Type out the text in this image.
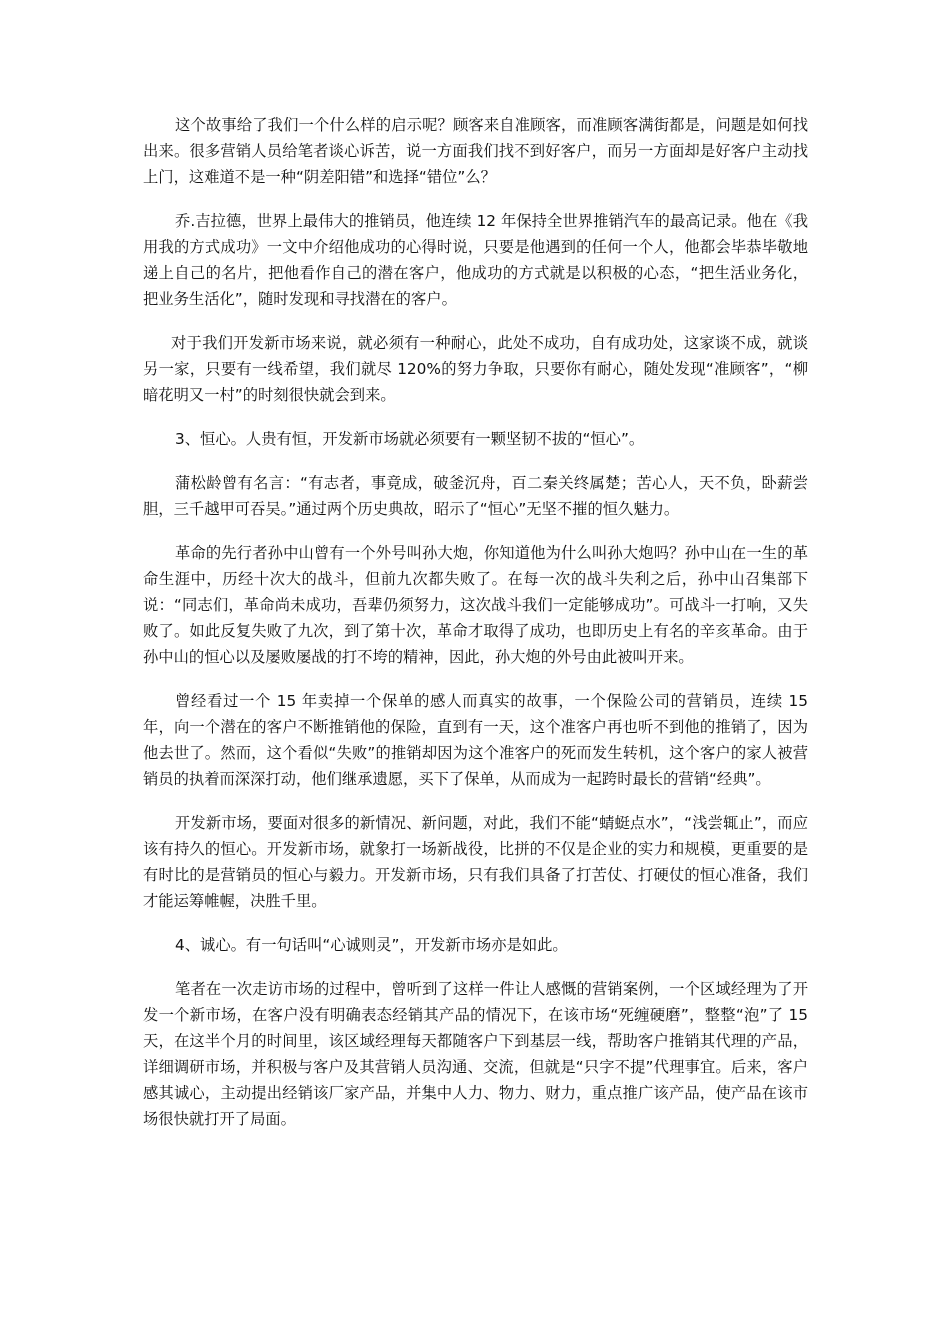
这个故事给了我们一个什么样的启示呢？顾客来自准顾客，而准顾客满街都是，问题是如何找出来。很多营销人员给笔者谈心诉苦，说一方面我们找不到好客户，而另一方面却是好客户主动找上门，这难道不是一种“阴差阳错”和选择“错位”么？

乔.吉拉德，世界上最伟大的推销员，他连续 12 年保持全世界推销汽车的最高记录。他在《我用我的方式成功》一文中介绍他成功的心得时说，只要是他遇到的任何一个人，他都会毕恭毕敬地递上自己的名片，把他看作自己的潜在客户，他成功的方式就是以积极的心态，“把生活业务化，把业务生活化”，随时发现和寻找潜在的客户。

对于我们开发新市场来说，就必须有一种耐心，此处不成功，自有成功处，这家谈不成，就谈另一家，只要有一线希望，我们就尽 120%的努力争取，只要你有耐心，随处发现“准顾客”，“柳暗花明又一村”的时刻很快就会到来。

3、恒心。人贵有恒，开发新市场就必须要有一颗坚韧不拔的“恒心”。

蒲松龄曾有名言：“有志者，事竟成，破釜沉舟，百二秦关终属楚；苦心人，天不负，卧薪尝胆，三千越甲可吞吴。”通过两个历史典故，昭示了“恒心”无坚不摧的恒久魅力。

革命的先行者孙中山曾有一个外号叫孙大炮，你知道他为什么叫孙大炮吗？孙中山在一生的革命生涯中，历经十次大的战斗，但前九次都失败了。在每一次的战斗失利之后，孙中山召集部下说：“同志们，革命尚未成功，吾辈仍须努力，这次战斗我们一定能够成功”。可战斗一打响，又失败了。如此反复失败了九次，到了第十次，革命才取得了成功，也即历史上有名的辛亥革命。由于孙中山的恒心以及屡败屡战的打不垮的精神，因此，孙大炮的外号由此被叫开来。

曾经看过一个 15 年卖掉一个保单的感人而真实的故事，一个保险公司的营销员，连续 15 年，向一个潜在的客户不断推销他的保险，直到有一天，这个准客户再也听不到他的推销了，因为他去世了。然而，这个看似“失败”的推销却因为这个准客户的死而发生转机，这个客户的家人被营销员的执着而深深打动，他们继承遗愿，买下了保单，从而成为一起跨时最长的营销“经典”。

开发新市场，要面对很多的新情况、新问题，对此，我们不能“蜻蜓点水”，“浅尝辄止”，而应该有持久的恒心。开发新市场，就象打一场新战役，比拼的不仅是企业的实力和规模，更重要的是有时比的是营销员的恒心与毅力。开发新市场，只有我们具备了打苦仗、打硬仗的恒心准备，我们才能运筹帷幄，决胜千里。

4、诚心。有一句话叫“心诚则灵”，开发新市场亦是如此。

笔者在一次走访市场的过程中，曾听到了这样一件让人感慨的营销案例，一个区域经理为了开发一个新市场，在客户没有明确表态经销其产品的情况下，在该市场“死缠硬磨”，整整“泡”了 15 天，在这半个月的时间里，该区域经理每天都随客户下到基层一线，帮助客户推销其代理的产品，详细调研市场，并积极与客户及其营销人员沟通、交流，但就是“只字不提”代理事宜。后来，客户感其诚心，主动提出经销该厂家产品，并集中人力、物力、财力，重点推广该产品，使产品在该市场很快就打开了局面。
